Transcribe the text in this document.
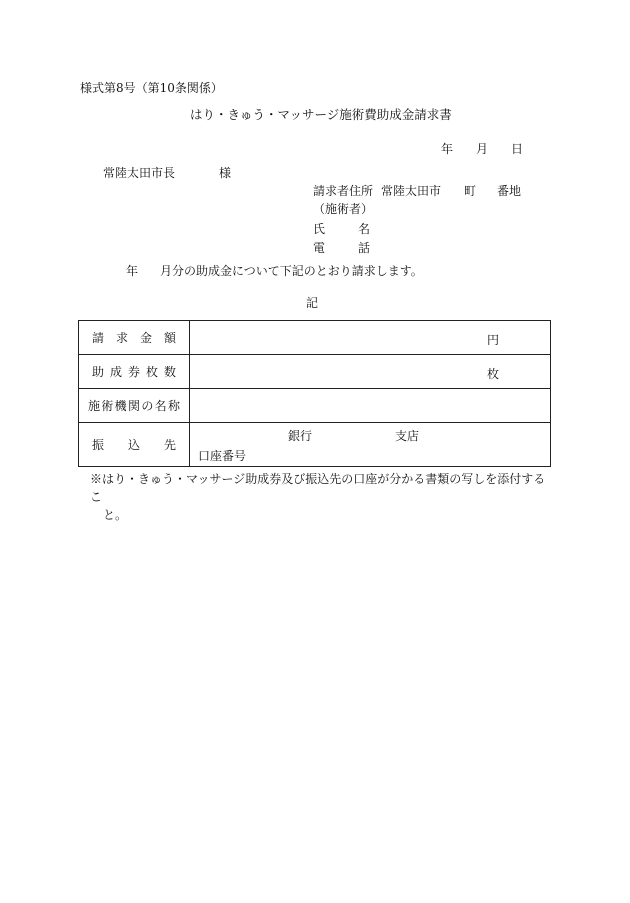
様式第8号（第10条関係）
はり・きゅう・マッサージ施術費助成金請求書
年 月 日
常陸太田市長	様
請求者住所 常陸太田市 町 番地
（施術者）
氏	名
電	話
年 月分の助成金について下記のとおり請求します。
記
請求金額	円

助成券枚数	枚

施術機関の名称	
振込先	銀行 支店
口座番号
※はり・きゅう・マッサージ助成券及び振込先の口座が分かる書類の写しを添付するこ
と。
